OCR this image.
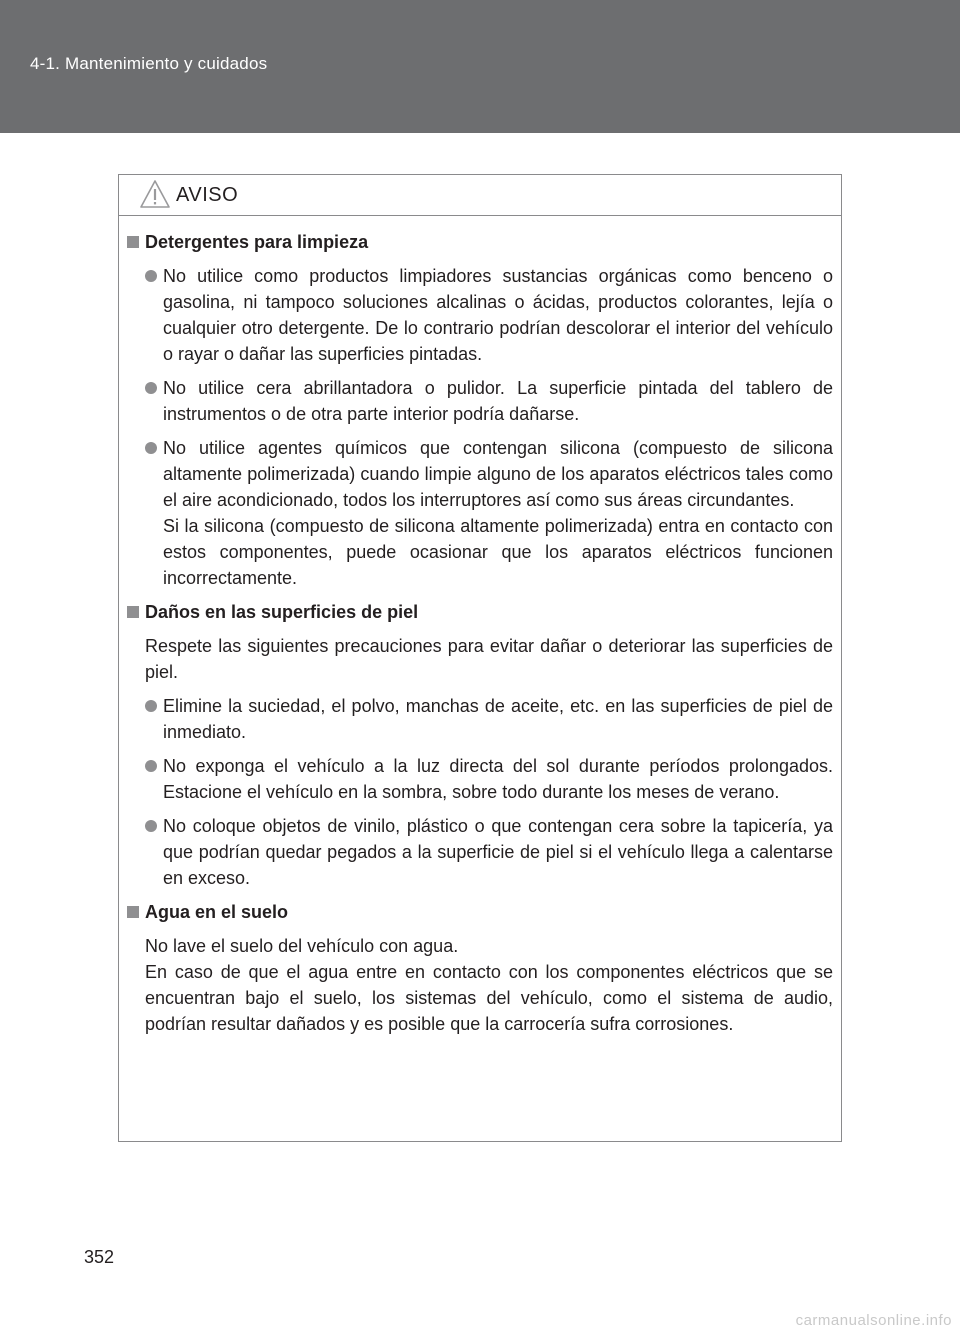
4-1. Mantenimiento y cuidados
AVISO
Detergentes para limpieza
No utilice como productos limpiadores sustancias orgánicas como benceno o gasolina, ni tampoco soluciones alcalinas o ácidas, productos colorantes, lejía o cualquier otro detergente. De lo contrario podrían descolorar el interior del vehículo o rayar o dañar las superficies pintadas.
No utilice cera abrillantadora o pulidor. La superficie pintada del tablero de instrumentos o de otra parte interior podría dañarse.
No utilice agentes químicos que contengan silicona (compuesto de silicona altamente polimerizada) cuando limpie alguno de los aparatos eléctricos tales como el aire acondicionado, todos los interruptores así como sus áreas circundantes.
Si la silicona (compuesto de silicona altamente polimerizada) entra en contacto con estos componentes, puede ocasionar que los aparatos eléctricos funcionen incorrectamente.
Daños en las superficies de piel
Respete las siguientes precauciones para evitar dañar o deteriorar las superficies de piel.
Elimine la suciedad, el polvo, manchas de aceite, etc. en las superficies de piel de inmediato.
No exponga el vehículo a la luz directa del sol durante períodos prolongados. Estacione el vehículo en la sombra, sobre todo durante los meses de verano.
No coloque objetos de vinilo, plástico o que contengan cera sobre la tapicería, ya que podrían quedar pegados a la superficie de piel si el vehículo llega a calentarse en exceso.
Agua en el suelo
No lave el suelo del vehículo con agua.
En caso de que el agua entre en contacto con los componentes eléctricos que se encuentran bajo el suelo, los sistemas del vehículo, como el sistema de audio, podrían resultar dañados y es posible que la carrocería sufra corrosiones.
352
carmanualsonline.info
